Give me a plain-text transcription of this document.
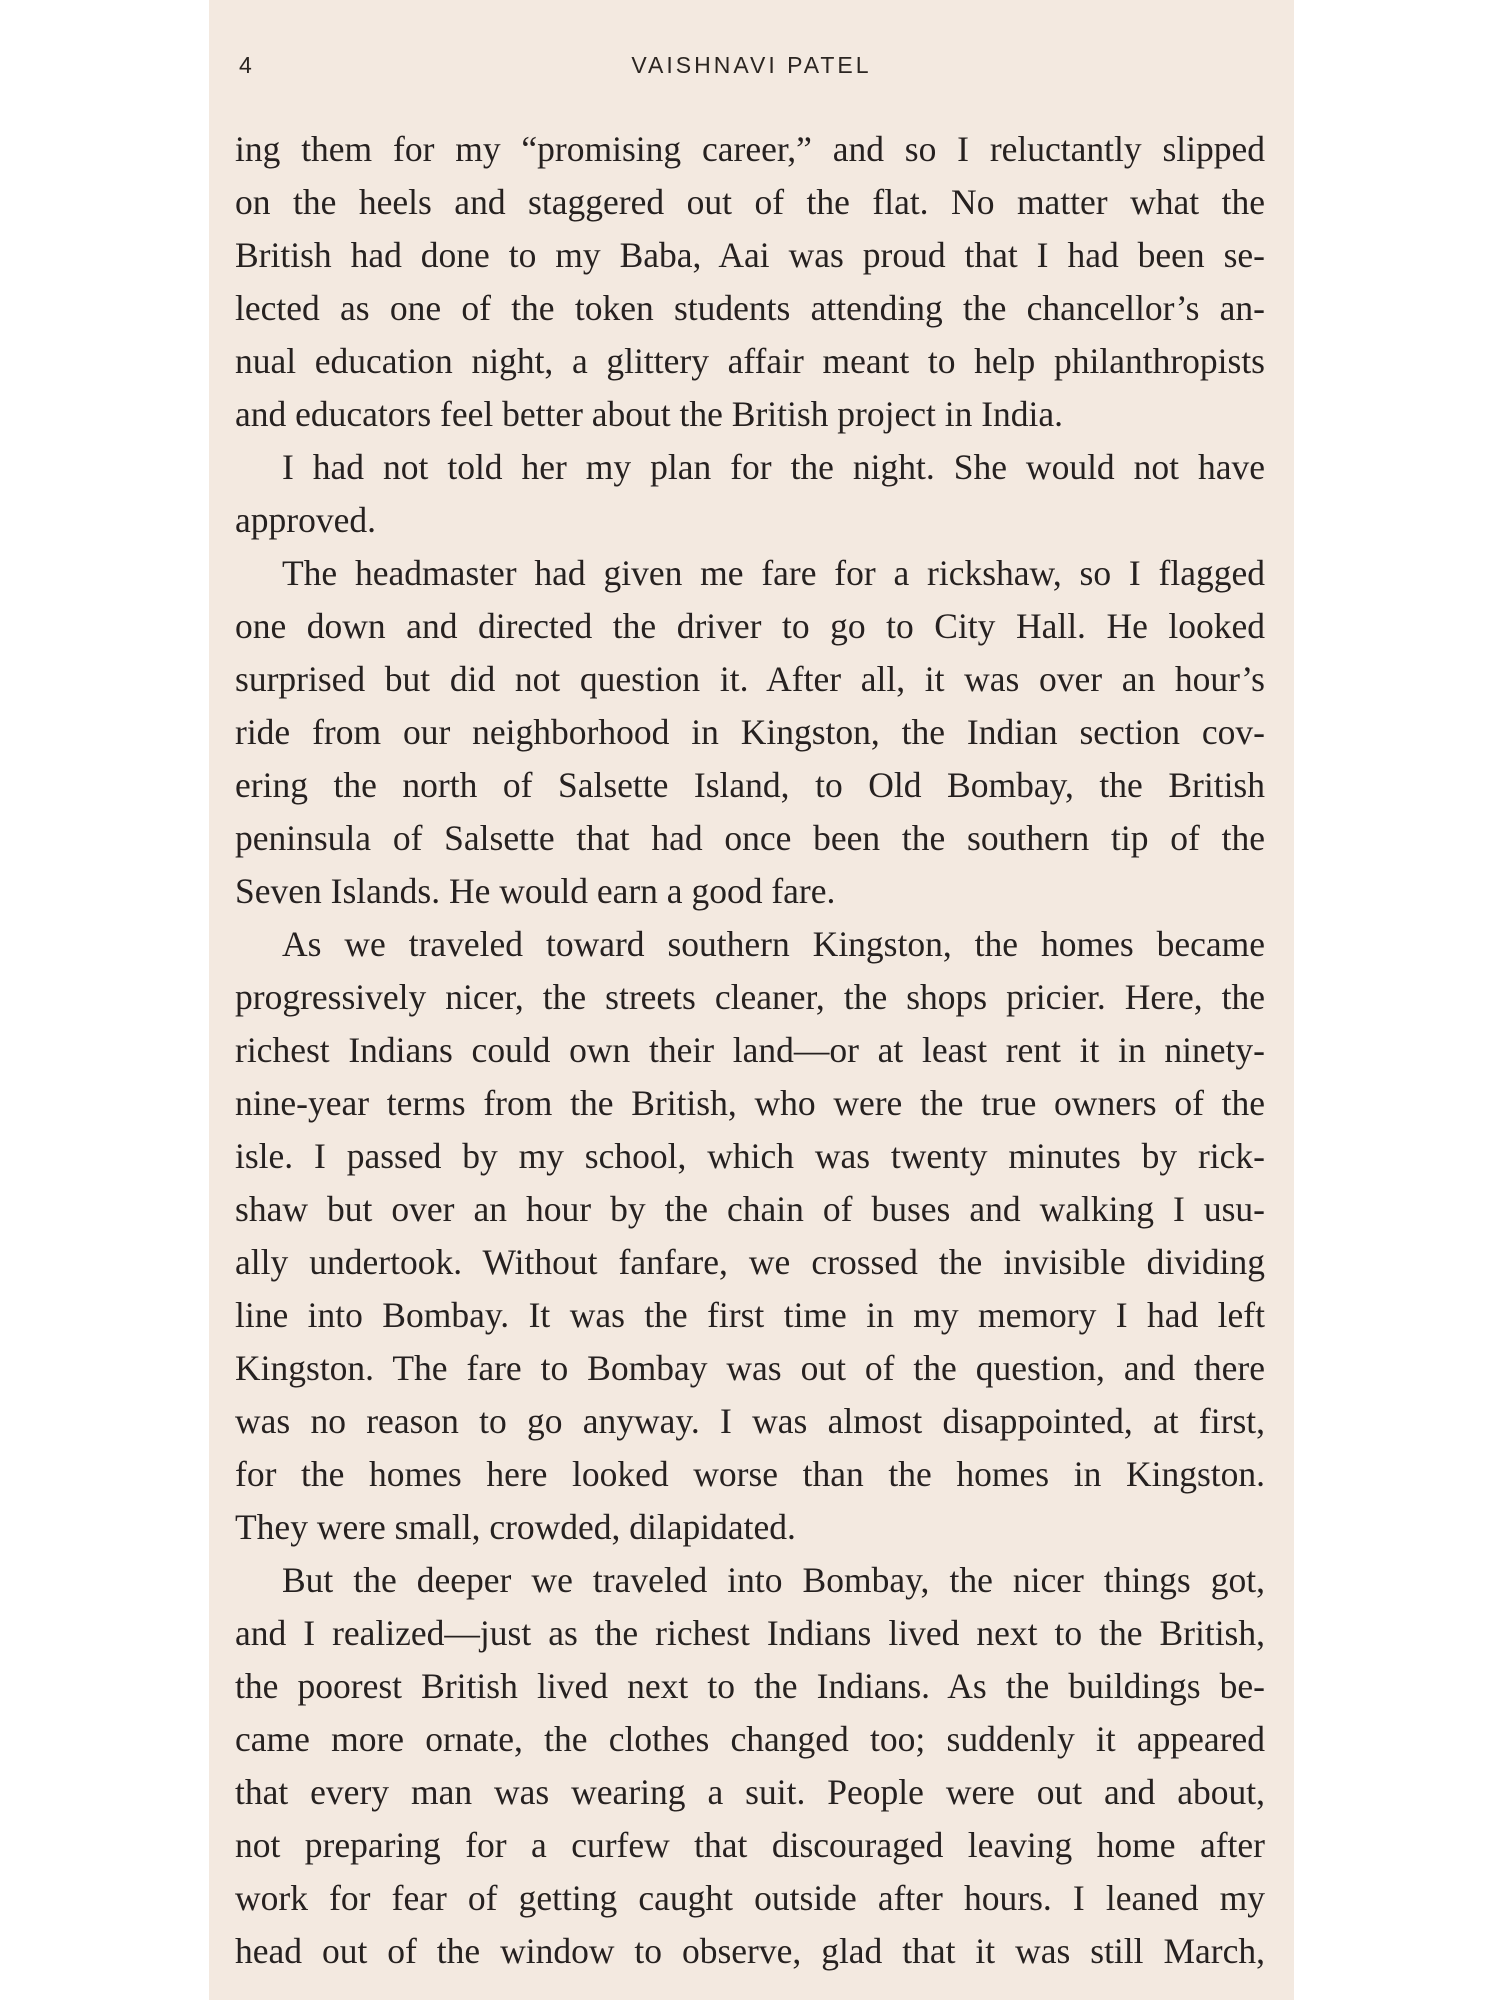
4	VAISHNAVI PATEL
ing them for my “promising career,” and so I reluctantly slipped
on the heels and staggered out of the flat. No matter what the
British had done to my Baba, Aai was proud that I had been se-
lected as one of the token students attending the chancellor’s an-
nual education night, a glittery affair meant to help philanthropists
and educators feel better about the British project in India.
I had not told her my plan for the night. She would not have
approved.
The headmaster had given me fare for a rickshaw, so I flagged
one down and directed the driver to go to City Hall. He looked
surprised but did not question it. After all, it was over an hour’s
ride from our neighborhood in Kingston, the Indian section cov-
ering the north of Salsette Island, to Old Bombay, the British
peninsula of Salsette that had once been the southern tip of the
Seven Islands. He would earn a good fare.
As we traveled toward southern Kingston, the homes became
progressively nicer, the streets cleaner, the shops pricier. Here, the
richest Indians could own their land—or at least rent it in ninety-
nine-year terms from the British, who were the true owners of the
isle. I passed by my school, which was twenty minutes by rick-
shaw but over an hour by the chain of buses and walking I usu-
ally undertook. Without fanfare, we crossed the invisible dividing
line into Bombay. It was the first time in my memory I had left
Kingston. The fare to Bombay was out of the question, and there
was no reason to go anyway. I was almost disappointed, at first,
for the homes here looked worse than the homes in Kingston.
They were small, crowded, dilapidated.
But the deeper we traveled into Bombay, the nicer things got,
and I realized—just as the richest Indians lived next to the British,
the poorest British lived next to the Indians. As the buildings be-
came more ornate, the clothes changed too; suddenly it appeared
that every man was wearing a suit. People were out and about,
not preparing for a curfew that discouraged leaving home after
work for fear of getting caught outside after hours. I leaned my
head out of the window to observe, glad that it was still March,
